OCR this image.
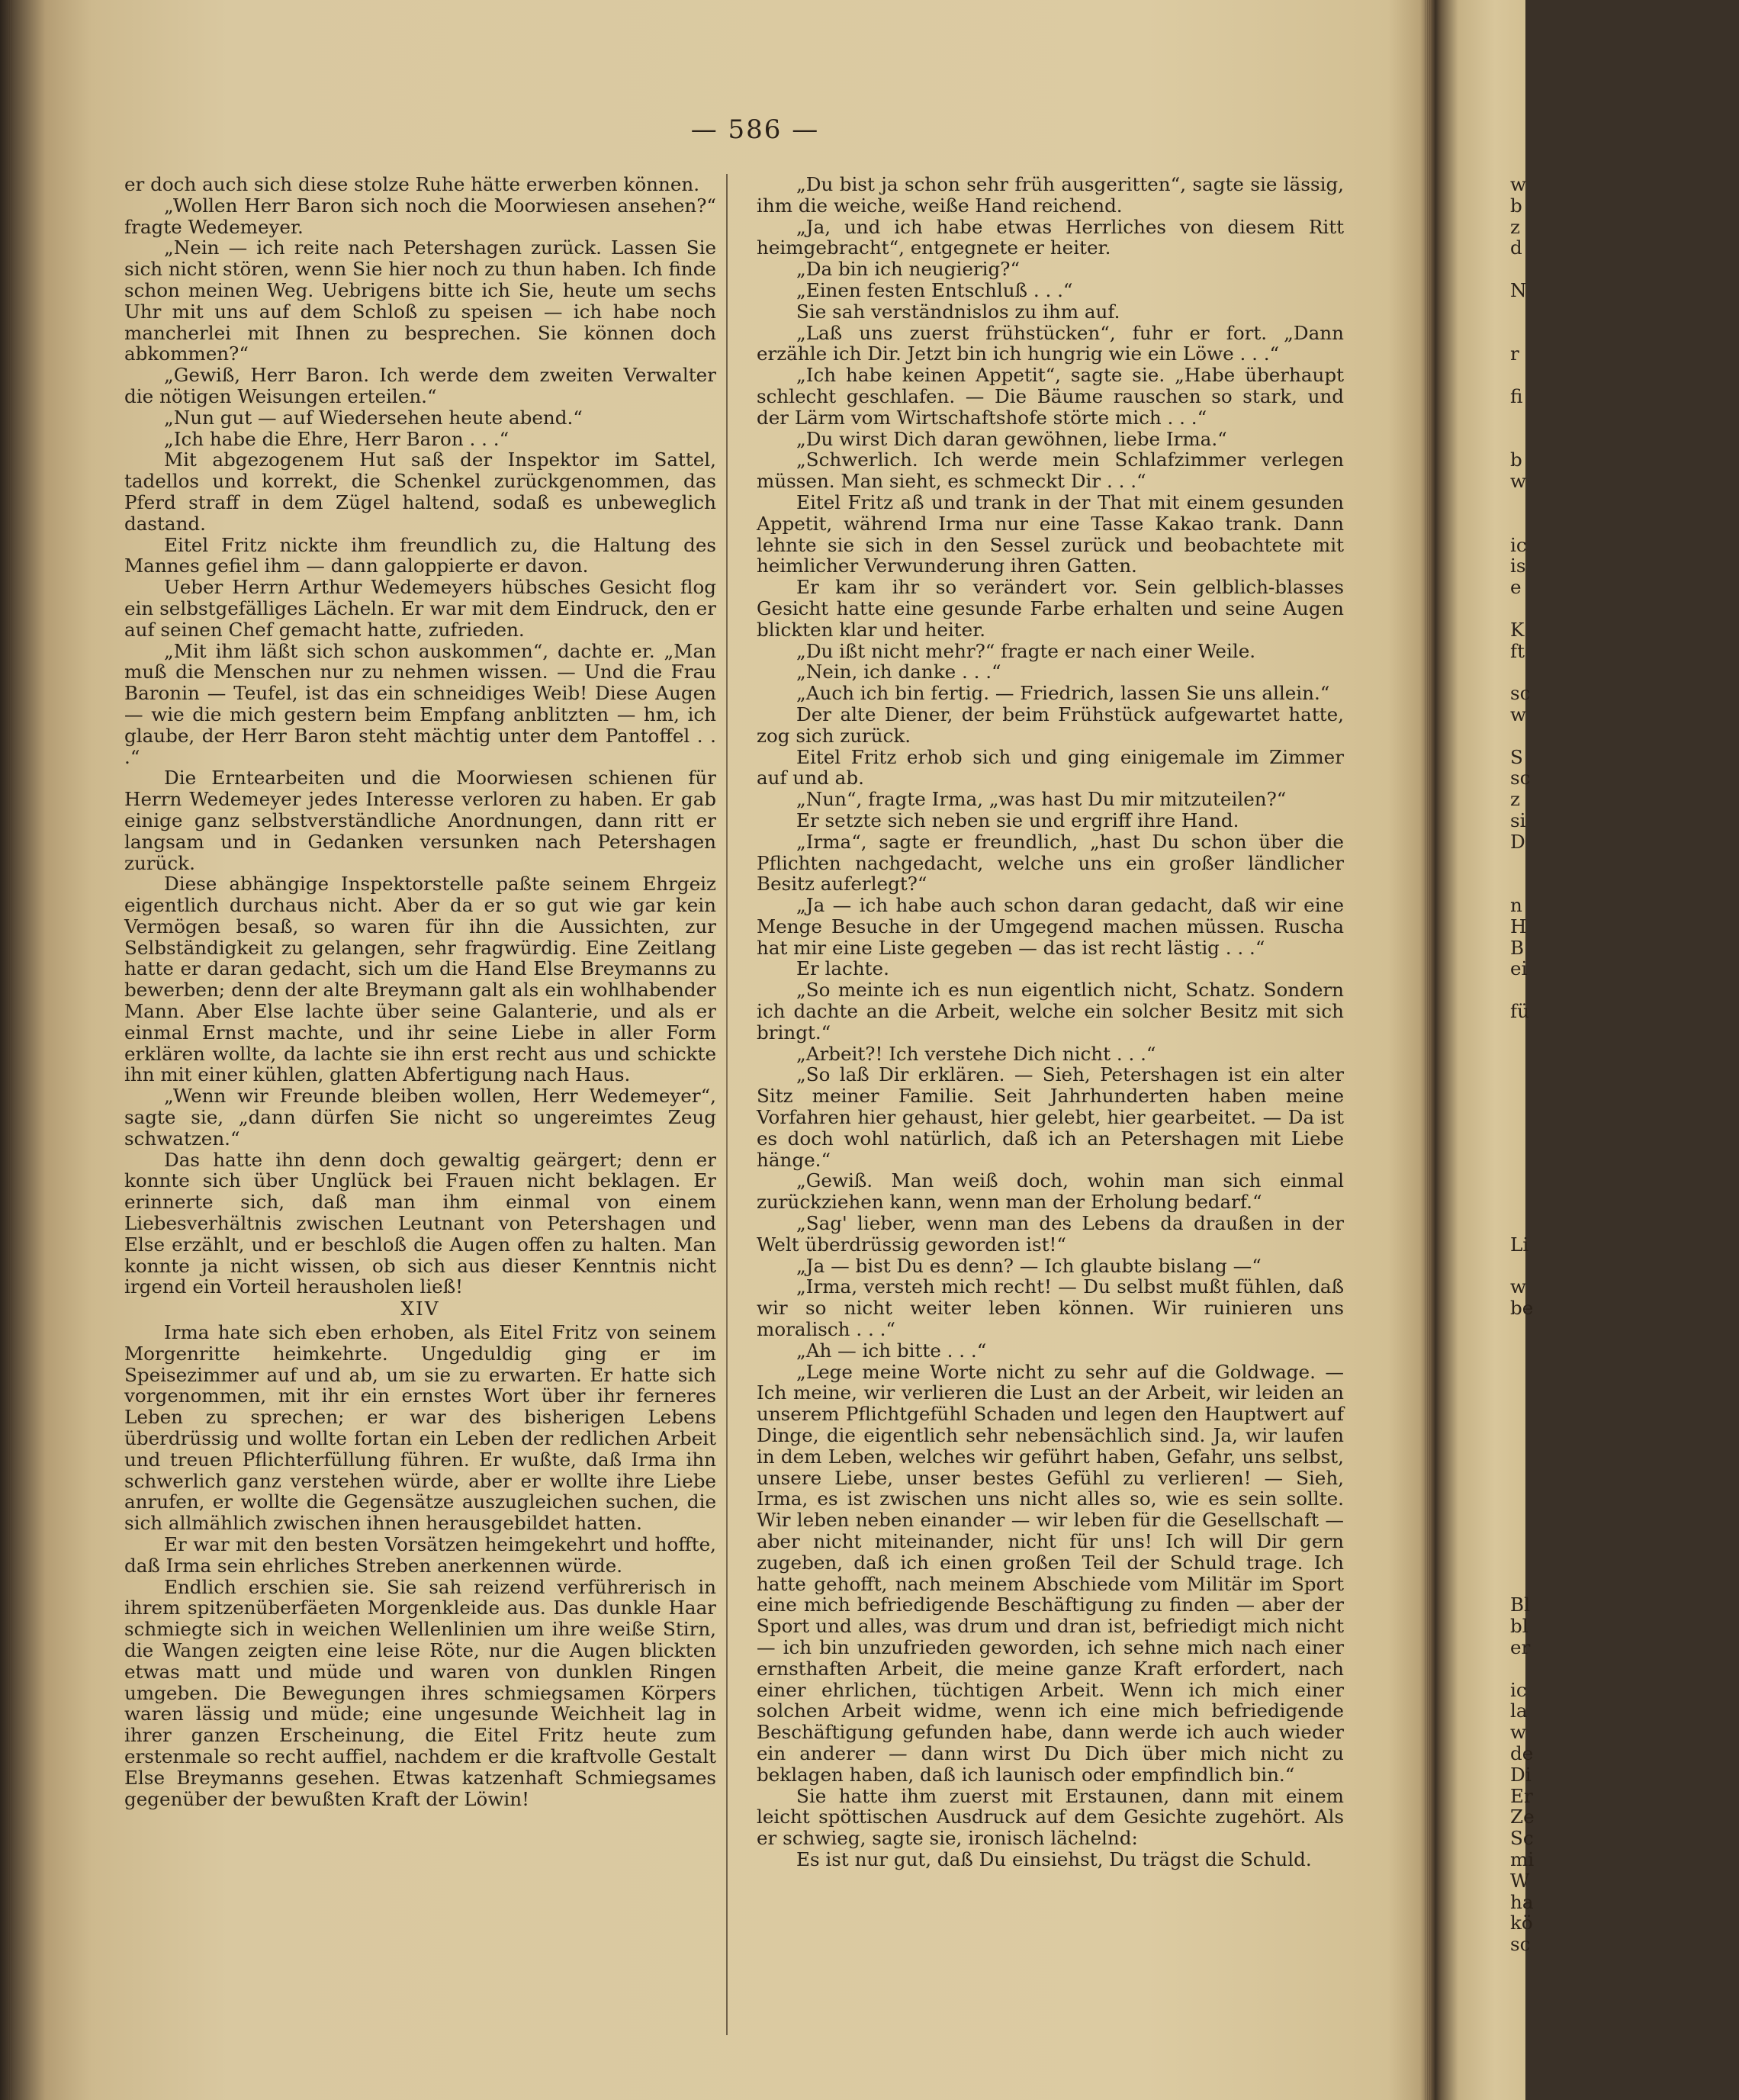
— 586 —

er doch auch sich diese stolze Ruhe hätte erwerben können.

„Wollen Herr Baron sich noch die Moorwiesen ansehen?“ fragte Wedemeyer.

„Nein — ich reite nach Petershagen zurück. Lassen Sie sich nicht stören, wenn Sie hier noch zu thun haben. Ich finde schon meinen Weg. Uebrigens bitte ich Sie, heute um sechs Uhr mit uns auf dem Schloß zu speisen — ich habe noch mancherlei mit Ihnen zu besprechen. Sie können doch abkommen?“

„Gewiß, Herr Baron. Ich werde dem zweiten Verwalter die nötigen Weisungen erteilen.“

„Nun gut — auf Wiedersehen heute abend.“

„Ich habe die Ehre, Herr Baron . . .“

Mit abgezogenem Hut saß der Inspektor im Sattel, tadellos und korrekt, die Schenkel zurückgenommen, das Pferd straff in dem Zügel haltend, sodaß es unbeweglich dastand.

Eitel Fritz nickte ihm freundlich zu, die Haltung des Mannes gefiel ihm — dann galoppierte er davon.

Ueber Herrn Arthur Wedemeyers hübsches Gesicht flog ein selbstgefälliges Lächeln. Er war mit dem Eindruck, den er auf seinen Chef gemacht hatte, zufrieden.

„Mit ihm läßt sich schon auskommen“, dachte er. „Man muß die Menschen nur zu nehmen wissen. — Und die Frau Baronin — Teufel, ist das ein schneidiges Weib! Diese Augen — wie die mich gestern beim Empfang anblitzten — hm, ich glaube, der Herr Baron steht mächtig unter dem Pantoffel . . .“

Die Erntearbeiten und die Moorwiesen schienen für Herrn Wedemeyer jedes Interesse verloren zu haben. Er gab einige ganz selbstverständliche Anordnungen, dann ritt er langsam und in Gedanken versunken nach Petershagen zurück.

Diese abhängige Inspektorstelle paßte seinem Ehrgeiz eigentlich durchaus nicht. Aber da er so gut wie gar kein Vermögen besaß, so waren für ihn die Aussichten, zur Selbständigkeit zu gelangen, sehr fragwürdig. Eine Zeitlang hatte er daran gedacht, sich um die Hand Else Breymanns zu bewerben; denn der alte Breymann galt als ein wohlhabender Mann. Aber Else lachte über seine Galanterie, und als er einmal Ernst machte, und ihr seine Liebe in aller Form erklären wollte, da lachte sie ihn erst recht aus und schickte ihn mit einer kühlen, glatten Abfertigung nach Haus.

„Wenn wir Freunde bleiben wollen, Herr Wedemeyer“, sagte sie, „dann dürfen Sie nicht so ungereimtes Zeug schwatzen.“

Das hatte ihn denn doch gewaltig geärgert; denn er konnte sich über Unglück bei Frauen nicht beklagen. Er erinnerte sich, daß man ihm einmal von einem Liebesverhältnis zwischen Leutnant von Petershagen und Else erzählt, und er beschloß die Augen offen zu halten. Man konnte ja nicht wissen, ob sich aus dieser Kenntnis nicht irgend ein Vorteil herausholen ließ!

XIV

Irma hate sich eben erhoben, als Eitel Fritz von seinem Morgenritte heimkehrte. Ungeduldig ging er im Speisezimmer auf und ab, um sie zu erwarten. Er hatte sich vorgenommen, mit ihr ein ernstes Wort über ihr ferneres Leben zu sprechen; er war des bisherigen Lebens überdrüssig und wollte fortan ein Leben der redlichen Arbeit und treuen Pflichterfüllung führen. Er wußte, daß Irma ihn schwerlich ganz verstehen würde, aber er wollte ihre Liebe anrufen, er wollte die Gegensätze auszugleichen suchen, die sich allmählich zwischen ihnen herausgebildet hatten.

Er war mit den besten Vorsätzen heimgekehrt und hoffte, daß Irma sein ehrliches Streben anerkennen würde.

Endlich erschien sie. Sie sah reizend verführerisch in ihrem spitzenüberfäeten Morgenkleide aus. Das dunkle Haar schmiegte sich in weichen Wellenlinien um ihre weiße Stirn, die Wangen zeigten eine leise Röte, nur die Augen blickten etwas matt und müde und waren von dunklen Ringen umgeben. Die Bewegungen ihres schmiegsamen Körpers waren lässig und müde; eine ungesunde Weichheit lag in ihrer ganzen Erscheinung, die Eitel Fritz heute zum erstenmale so recht auffiel, nachdem er die kraftvolle Gestalt Else Breymanns gesehen. Etwas katzenhaft Schmiegsames gegenüber der bewußten Kraft der Löwin!

„Du bist ja schon sehr früh ausgeritten“, sagte sie lässig, ihm die weiche, weiße Hand reichend.

„Ja, und ich habe etwas Herrliches von diesem Ritt heimgebracht“, entgegnete er heiter.

„Da bin ich neugierig?“

„Einen festen Entschluß . . .“

Sie sah verständnislos zu ihm auf.

„Laß uns zuerst frühstücken“, fuhr er fort. „Dann erzähle ich Dir. Jetzt bin ich hungrig wie ein Löwe . . .“

„Ich habe keinen Appetit“, sagte sie. „Habe überhaupt schlecht geschlafen. — Die Bäume rauschen so stark, und der Lärm vom Wirtschaftshofe störte mich . . .“

„Du wirst Dich daran gewöhnen, liebe Irma.“

„Schwerlich. Ich werde mein Schlafzimmer verlegen müssen. Man sieht, es schmeckt Dir . . .“

Eitel Fritz aß und trank in der That mit einem gesunden Appetit, während Irma nur eine Tasse Kakao trank. Dann lehnte sie sich in den Sessel zurück und beobachtete mit heimlicher Verwunderung ihren Gatten.

Er kam ihr so verändert vor. Sein gelblich-blasses Gesicht hatte eine gesunde Farbe erhalten und seine Augen blickten klar und heiter.

„Du ißt nicht mehr?“ fragte er nach einer Weile.

„Nein, ich danke . . .“

„Auch ich bin fertig. — Friedrich, lassen Sie uns allein.“

Der alte Diener, der beim Frühstück aufgewartet hatte, zog sich zurück.

Eitel Fritz erhob sich und ging einigemale im Zimmer auf und ab.

„Nun“, fragte Irma, „was hast Du mir mitzuteilen?“

Er setzte sich neben sie und ergriff ihre Hand.

„Irma“, sagte er freundlich, „hast Du schon über die Pflichten nachgedacht, welche uns ein großer ländlicher Besitz auferlegt?“

„Ja — ich habe auch schon daran gedacht, daß wir eine Menge Besuche in der Umgegend machen müssen. Ruscha hat mir eine Liste gegeben — das ist recht lästig . . .“

Er lachte.

„So meinte ich es nun eigentlich nicht, Schatz. Sondern ich dachte an die Arbeit, welche ein solcher Besitz mit sich bringt.“

„Arbeit?! Ich verstehe Dich nicht . . .“

„So laß Dir erklären. — Sieh, Petershagen ist ein alter Sitz meiner Familie. Seit Jahrhunderten haben meine Vorfahren hier gehaust, hier gelebt, hier gearbeitet. — Da ist es doch wohl natürlich, daß ich an Petershagen mit Liebe hänge.“

„Gewiß. Man weiß doch, wohin man sich einmal zurückziehen kann, wenn man der Erholung bedarf.“

„Sag' lieber, wenn man des Lebens da draußen in der Welt überdrüssig geworden ist!“

„Ja — bist Du es denn? — Ich glaubte bislang —“

„Irma, versteh mich recht! — Du selbst mußt fühlen, daß wir so nicht weiter leben können. Wir ruinieren uns moralisch . . .“

„Ah — ich bitte . . .“

„Lege meine Worte nicht zu sehr auf die Goldwage. — Ich meine, wir verlieren die Lust an der Arbeit, wir leiden an unserem Pflichtgefühl Schaden und legen den Hauptwert auf Dinge, die eigentlich sehr nebensächlich sind. Ja, wir laufen in dem Leben, welches wir geführt haben, Gefahr, uns selbst, unsere Liebe, unser bestes Gefühl zu verlieren! — Sieh, Irma, es ist zwischen uns nicht alles so, wie es sein sollte. Wir leben neben einander — wir leben für die Gesellschaft — aber nicht miteinander, nicht für uns! Ich will Dir gern zugeben, daß ich einen großen Teil der Schuld trage. Ich hatte gehofft, nach meinem Abschiede vom Militär im Sport eine mich befriedigende Beschäftigung zu finden — aber der Sport und alles, was drum und dran ist, befriedigt mich nicht — ich bin unzufrieden geworden, ich sehne mich nach einer ernsthaften Arbeit, die meine ganze Kraft erfordert, nach einer ehrlichen, tüchtigen Arbeit. Wenn ich mich einer solchen Arbeit widme, wenn ich eine mich befriedigende Beschäftigung gefunden habe, dann werde ich auch wieder ein anderer — dann wirst Du Dich über mich nicht zu beklagen haben, daß ich launisch oder empfindlich bin.“

Sie hatte ihm zuerst mit Erstaunen, dann mit einem leicht spöttischen Ausdruck auf dem Gesichte zugehört. Als er schwieg, sagte sie, ironisch lächelnd:

Es ist nur gut, daß Du einsiehst, Du trägst die Schuld.

w
b
z
d
N
r
fi
b
w
ic
is
e
K
ft
sc
w
S
sc
z
si
D
n
H
B
ei
fü
Li
w
be
Bl
bl
er
ic
la
w
de
Di
Er
Ze
Sc
mi
W
ha
kö
sc
